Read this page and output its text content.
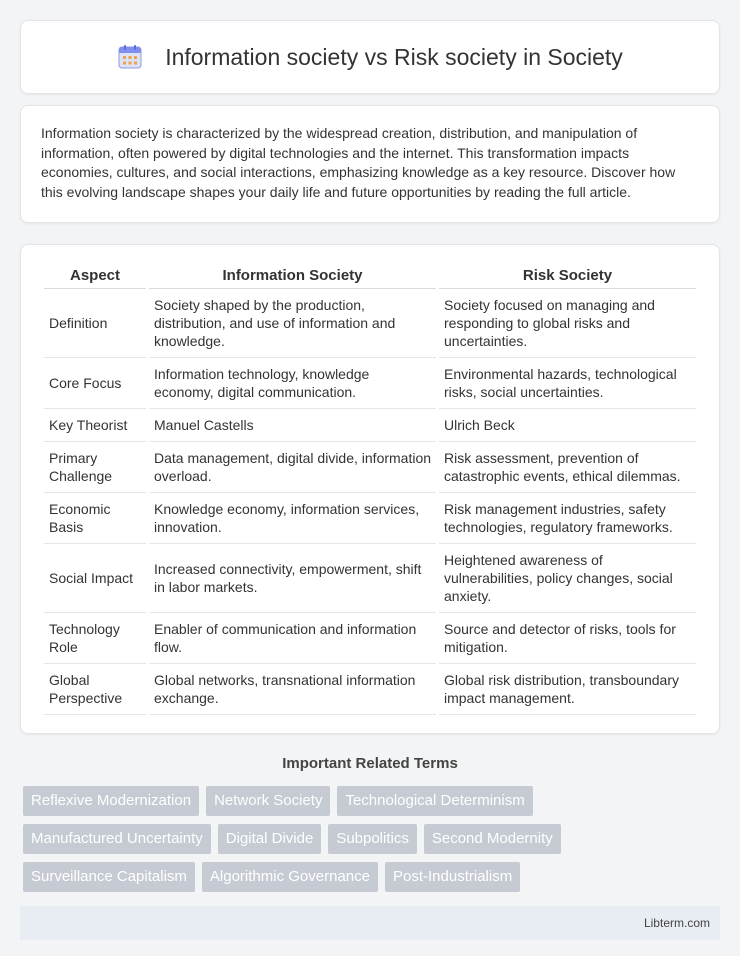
Information society vs Risk society in Society

Information society is characterized by the widespread creation, distribution, and manipulation of information, often powered by digital technologies and the internet. This transformation impacts economies, cultures, and social interactions, emphasizing knowledge as a key resource. Discover how this evolving landscape shapes your daily life and future opportunities by reading the full article.

Aspect	Information Society	Risk Society
Definition	Society shaped by the production, distribution, and use of information and knowledge.	Society focused on managing and responding to global risks and uncertainties.
Core Focus	Information technology, knowledge economy, digital communication.	Environmental hazards, technological risks, social uncertainties.
Key Theorist	Manuel Castells	Ulrich Beck
Primary Challenge	Data management, digital divide, information overload.	Risk assessment, prevention of catastrophic events, ethical dilemmas.
Economic Basis	Knowledge economy, information services, innovation.	Risk management industries, safety technologies, regulatory frameworks.
Social Impact	Increased connectivity, empowerment, shift in labor markets.	Heightened awareness of vulnerabilities, policy changes, social anxiety.
Technology Role	Enabler of communication and information flow.	Source and detector of risks, tools for mitigation.
Global Perspective	Global networks, transnational information exchange.	Global risk distribution, transboundary impact management.
Important Related Terms
Reflexive Modernization	Network Society	Technological Determinism
Manufactured Uncertainty	Digital Divide	Subpolitics	Second Modernity
Surveillance Capitalism	Algorithmic Governance	Post-Industrialism
Libterm.com
